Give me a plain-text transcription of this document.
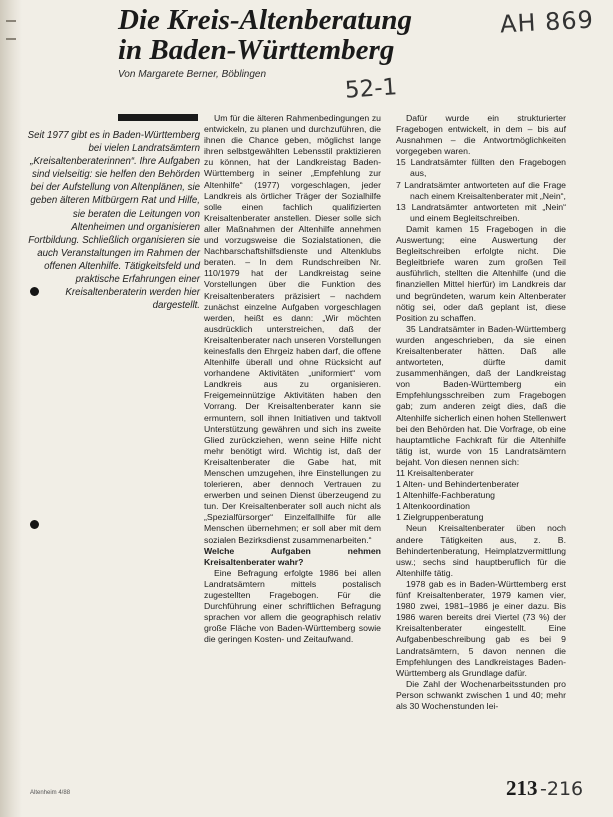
Die Kreis-Altenberatung
in Baden-Württemberg
Von Margarete Berner, Böblingen
AH 869
52-1
Seit 1977 gibt es in Baden-Württemberg bei vielen Landratsämtern „Kreisaltenberaterinnen“. Ihre Aufgaben sind vielseitig: sie helfen den Behörden bei der Aufstellung von Altenplänen, sie geben älteren Mitbürgern Rat und Hilfe, sie beraten die Leitungen von Altenheimen und organisieren Fortbildung. Schließlich organisieren sie auch Veranstaltungen im Rahmen der offenen Altenhilfe. Tätigkeitsfeld und praktische Erfahrungen einer Kreisaltenberaterin werden hier dargestellt.

Um für die älteren Rahmenbedingungen zu entwickeln, zu planen und durchzuführen, die ihnen die Chance geben, möglichst lange ihren selbstgewählten Lebensstil praktizieren zu können, hat der Landkreistag Baden-Württemberg in seiner „Empfehlung zur Altenhilfe“ (1977) vorgeschlagen, jeder Landkreis als örtlicher Träger der Sozialhilfe solle einen fachlich qualifizierten Kreisaltenberater anstellen. Dieser solle sich aller Maßnahmen der Altenhilfe annehmen und vorzugsweise die Sozialstationen, die Nachbarschaftshilfsdienste und Altenklubs beraten. – In dem Rundschreiben Nr. 110/1979 hat der Landkreistag seine Vorstellungen über die Funktion des Kreisaltenberaters präzisiert – nachdem zunächst einzelne Aufgaben vorgeschlagen werden, heißt es dann: „Wir möchten ausdrücklich unterstreichen, daß der Kreisaltenberater nach unseren Vorstellungen keinesfalls den Ehrgeiz haben darf, die offene Altenhilfe überall und ohne Rücksicht auf vorhandene Aktivitäten „uniformiert“ vom Landkreis aus zu organisieren. Freigemeinnützige Aktivitäten haben den Vorrang. Der Kreisaltenberater kann sie ermuntern, soll ihnen Initiativen und taktvoll Unterstützung gewähren und sich ins zweite Glied zurückziehen, wenn seine Hilfe nicht mehr benötigt wird. Wichtig ist, daß der Kreisaltenberater die Gabe hat, mit Menschen umzugehen, ihre Einstellungen zu tolerieren, aber dennoch Vertrauen zu erwerben und seinen Dienst überzeugend zu tun. Der Kreisaltenberater soll auch nicht als „Spezialfürsorger“ Einzelfallhilfe für alle Menschen übernehmen; er soll aber mit dem sozialen Bezirksdienst zusammenarbeiten.“

Welche Aufgaben nehmen Kreisaltenberater wahr?

Eine Befragung erfolgte 1986 bei allen Landratsämtern mittels postalisch zugestellten Fragebogen. Für die Durchführung einer schriftlichen Befragung sprachen vor allem die geographisch relativ große Fläche von Baden-Württemberg sowie die geringen Kosten- und Zeitaufwand.

Dafür wurde ein strukturierter Fragebogen entwickelt, in dem – bis auf Ausnahmen – die Antwortmöglichkeiten vorgegeben waren.

15 Landratsämter füllten den Fragebogen aus,
7 Landratsämter antworteten auf die Frage nach einem Kreisaltenberater mit „Nein“,
13 Landratsämter antworteten mit „Nein“ und einem Begleitschreiben.

Damit kamen 15 Fragebogen in die Auswertung; eine Auswertung der Begleitschreiben erfolgte nicht. Die Begleitbriefe waren zum großen Teil ausführlich, stellten die Altenhilfe (und die finanziellen Mittel hierfür) im Landkreis dar und begründeten, warum kein Altenberater nötig sei, oder daß geplant ist, diese Position zu schaffen.

35 Landratsämter in Baden-Württemberg wurden angeschrieben, da sie einen Kreisaltenberater hätten. Daß alle antworteten, dürfte damit zusammenhängen, daß der Landkreistag von Baden-Württemberg ein Empfehlungsschreiben zum Fragebogen gab; zum anderen zeigt dies, daß die Altenhilfe sicherlich einen hohen Stellenwert bei den Behörden hat. Die Vorfrage, ob eine hauptamtliche Fachkraft für die Altenhilfe tätig ist, wurde von 15 Landratsämtern bejaht. Von diesen nennen sich:

11 Kreisaltenberater
1 Alten- und Behindertenberater
1 Altenhilfe-Fachberatung
1 Altenkoordination
1 Zielgruppenberatung

Neun Kreisaltenberater üben noch andere Tätigkeiten aus, z. B. Behindertenberatung, Heimplatzvermittlung usw.; sechs sind hauptberuflich für die Altenhilfe tätig.

1978 gab es in Baden-Württemberg erst fünf Kreisaltenberater, 1979 kamen vier, 1980 zwei, 1981–1986 je einer dazu. Bis 1986 waren bereits drei Viertel (73 %) der Kreisaltenberater eingestellt. Eine Aufgabenbeschreibung gab es bei 9 Landratsämtern, 5 davon nennen die Empfehlungen des Landkreistages Baden-Württemberg als Grundlage dafür.

Die Zahl der Wochenarbeitsstunden pro Person schwankt zwischen 1 und 40; mehr als 30 Wochenstunden lei-

Altenheim 4/88	213 -216
